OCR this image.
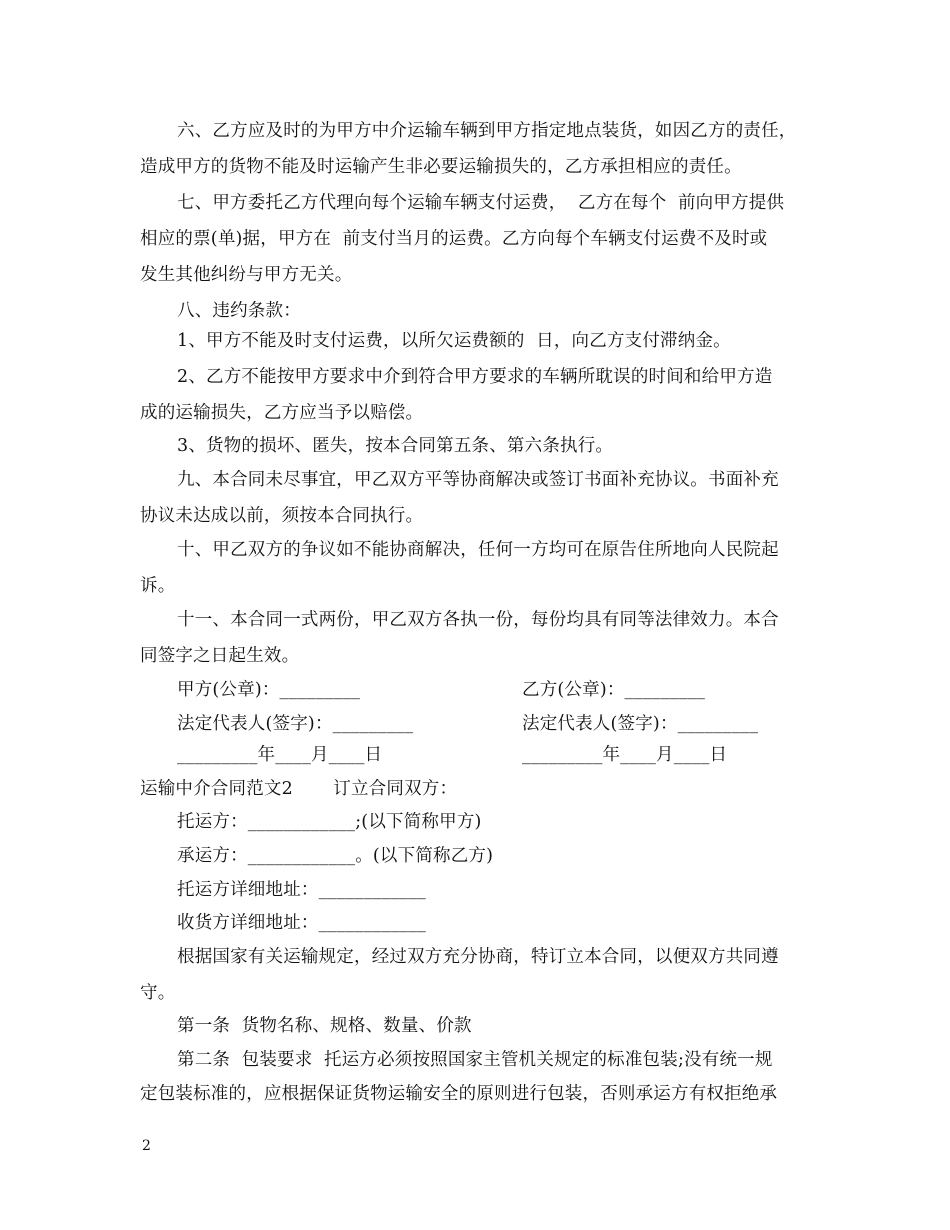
六、乙方应及时的为甲方中介运输车辆到甲方指定地点装货，如因乙方的责任，
造成甲方的货物不能及时运输产生非必要运输损失的，乙方承担相应的责任。
七、甲方委托乙方代理向每个运输车辆支付运费，  乙方在每个  前向甲方提供
相应的票(单)据，甲方在  前支付当月的运费。乙方向每个车辆支付运费不及时或
发生其他纠纷与甲方无关。
八、违约条款：
1、甲方不能及时支付运费，以所欠运费额的  日，向乙方支付滞纳金。
2、乙方不能按甲方要求中介到符合甲方要求的车辆所耽误的时间和给甲方造
成的运输损失，乙方应当予以赔偿。
3、货物的损坏、匿失，按本合同第五条、第六条执行。
九、本合同未尽事宜，甲乙双方平等协商解决或签订书面补充协议。书面补充
协议未达成以前，须按本合同执行。
十、甲乙双方的争议如不能协商解决，任何一方均可在原告住所地向人民院起
诉。
十一、本合同一式两份，甲乙双方各执一份，每份均具有同等法律效力。本合
同签字之日起生效。
甲方(公章)：_________	乙方(公章)：_________
法定代表人(签字)：_________	法定代表人(签字)：_________
_________年____月____日	_________年____月____日
运输中介合同范文2       订立合同双方：
托运方：____________;(以下简称甲方)
承运方：____________。(以下简称乙方)
托运方详细地址：____________
收货方详细地址：____________
根据国家有关运输规定，经过双方充分协商，特订立本合同，以便双方共同遵
守。
第一条  货物名称、规格、数量、价款
第二条  包装要求  托运方必须按照国家主管机关规定的标准包装;没有统一规
定包装标准的，应根据保证货物运输安全的原则进行包装，否则承运方有权拒绝承
2
